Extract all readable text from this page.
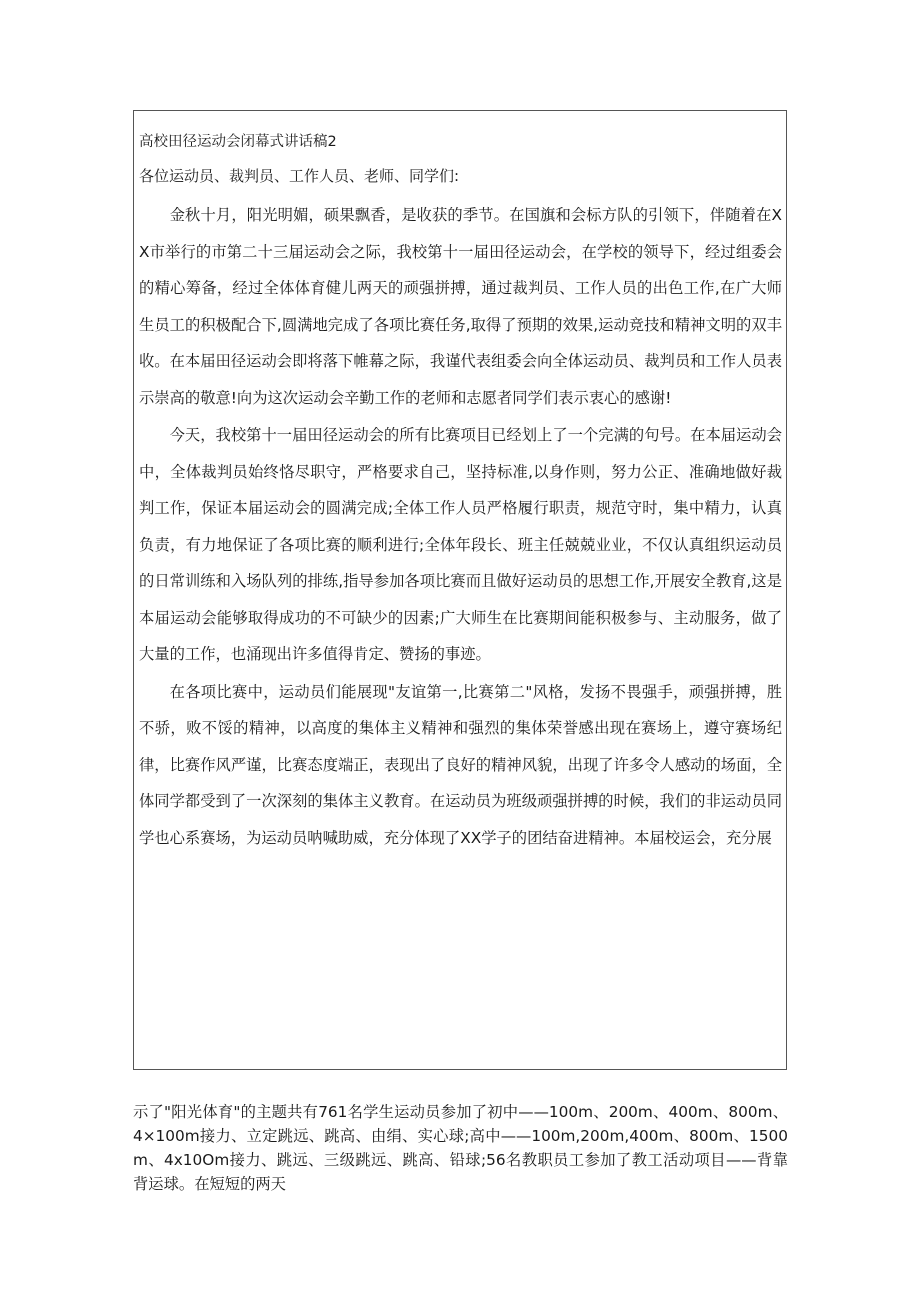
高校田径运动会闭幕式讲话稿2
各位运动员、裁判员、工作人员、老师、同学们:

金秋十月，阳光明媚，硕果飘香，是收获的季节。在国旗和会标方队的引领下，伴随着在XX市举行的市第二十三届运动会之际，我校第十一届田径运动会，在学校的领导下，经过组委会的精心筹备，经过全体体育健儿两天的顽强拼搏，通过裁判员、工作人员的出色工作,在广大师生员工的积极配合下,圆满地完成了各项比赛任务,取得了预期的效果,运动竞技和精神文明的双丰收。在本届田径运动会即将落下帷幕之际，我谨代表组委会向全体运动员、裁判员和工作人员表示崇高的敬意!向为这次运动会辛勤工作的老师和志愿者同学们表示衷心的感谢!

今天，我校第十一届田径运动会的所有比赛项目已经划上了一个完满的句号。在本届运动会中，全体裁判员始终恪尽职守，严格要求自己，坚持标准,以身作则，努力公正、准确地做好裁判工作，保证本届运动会的圆满完成;全体工作人员严格履行职责，规范守时，集中精力，认真负责，有力地保证了各项比赛的顺利进行;全体年段长、班主任兢兢业业，不仅认真组织运动员的日常训练和入场队列的排练,指导参加各项比赛而且做好运动员的思想工作,开展安全教育,这是本届运动会能够取得成功的不可缺少的因素;广大师生在比赛期间能积极参与、主动服务，做了大量的工作，也涌现出许多值得肯定、赞扬的事迹。

在各项比赛中，运动员们能展现"友谊第一,比赛第二"风格，发扬不畏强手，顽强拼搏，胜不骄，败不馁的精神，以高度的集体主义精神和强烈的集体荣誉感出现在赛场上，遵守赛场纪律，比赛作风严谨，比赛态度端正，表现出了良好的精神风貌，出现了许多令人感动的场面，全体同学都受到了一次深刻的集体主义教育。在运动员为班级顽强拼搏的时候，我们的非运动员同学也心系赛场，为运动员呐喊助威，充分体现了XX学子的团结奋进精神。本届校运会，充分展

示了"阳光体育"的主题共有761名学生运动员参加了初中——100m、200m、400m、800m、4×100m接力、立定跳远、跳高、由绢、实心球;高中——100m,200m,400m、800m、1500m、4x10Om接力、跳远、三级跳远、跳高、铅球;56名教职员工参加了教工活动项目——背靠背运球。在短短的两天
